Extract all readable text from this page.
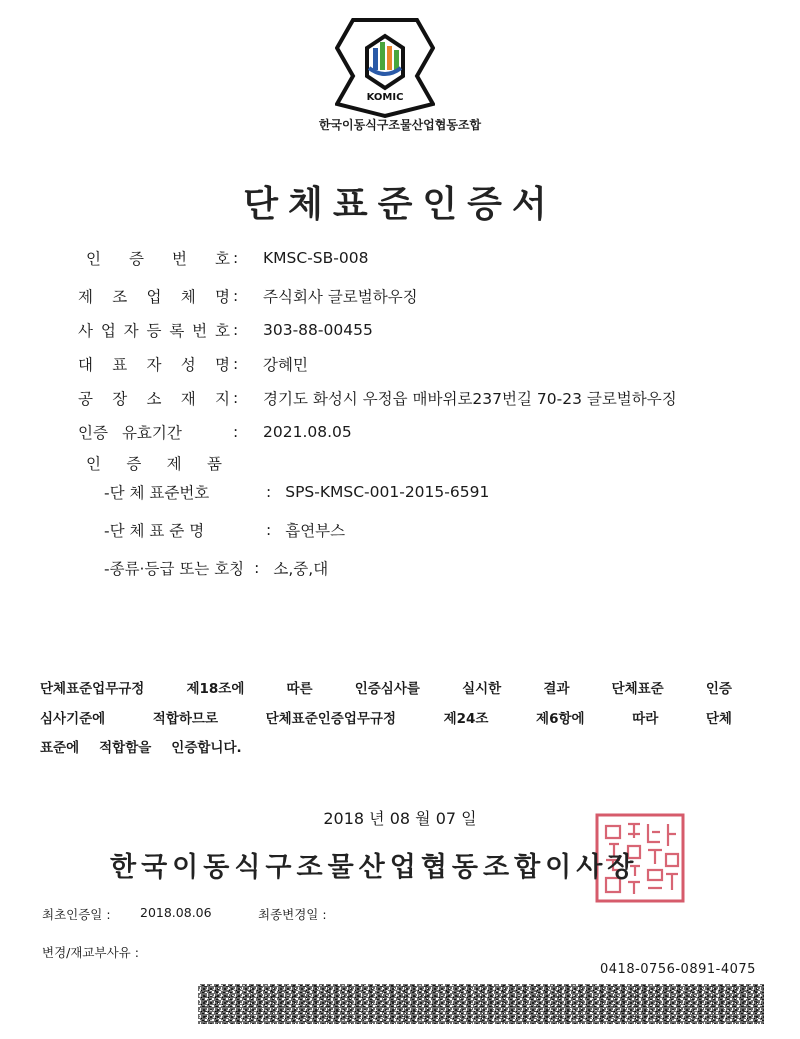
KOMIC
한국이동식구조물산업협동조합
단체표준인증서
인 증 번 호 :	KMSC-SB-008
제 조 업 체 명 :	주식회사 글로벌하우징
사 업 자 등 록 번 호 :	303-88-00455
대 표 자 성 명 :	강혜민
공 장 소 재 지 :	경기도 화성시 우정읍 매바위로237번길 70-23 글로벌하우징
인증 유효기간	:	2021.08.05
인 증 제 품
-단 체 표준번호	: SPS-KMSC-001-2015-6591
-단 체 표 준 명	: 흡연부스
-종류·등급 또는 호칭 : 소,중,대
단체표준업무규정	제18조에	따른	인증심사를	실시한	결과	단체표준	인증
심사기준에	적합하므로	단체표준인증업무규정	제24조	제6항에	따라	단체
표준에 적합함을 인증합니다.
2018 년 08 월 07 일
한국이동식구조물산업협동조합이사장
최초인증일 : 2018.08.06	최종변경일 :
변경/재교부사유 :
0418-0756-0891-4075
